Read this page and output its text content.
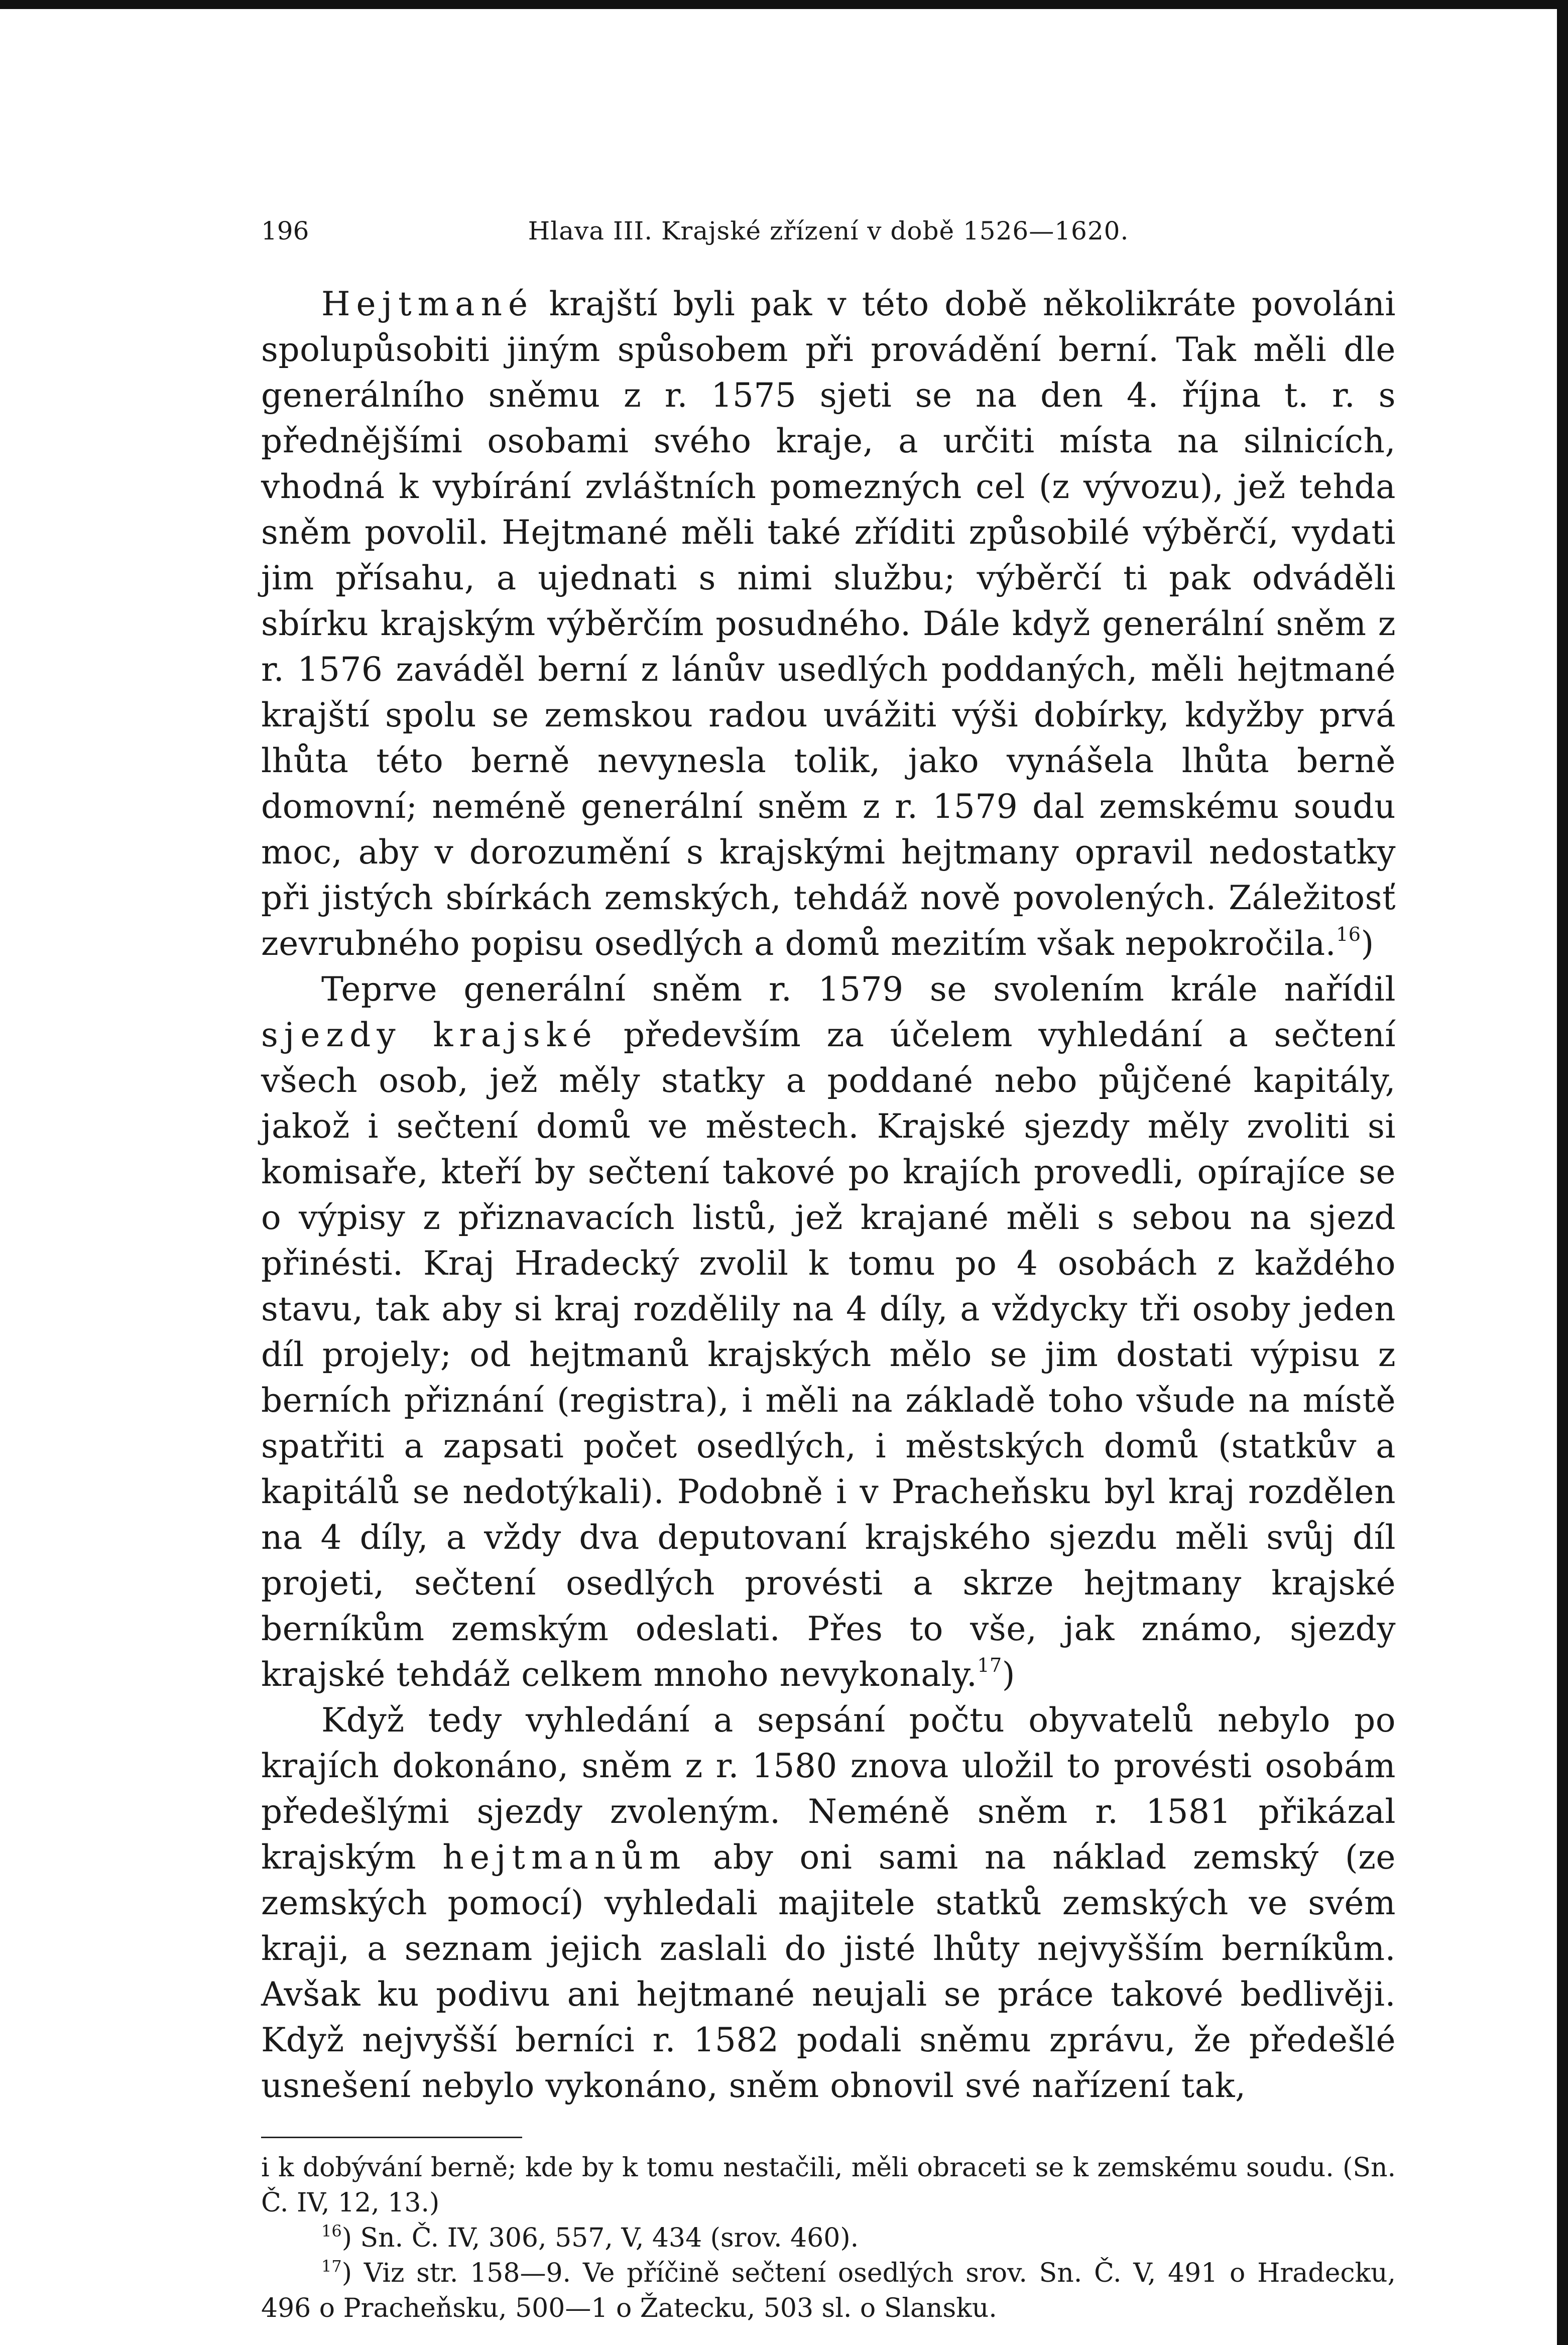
196	Hlava III. Krajské zřízení v době 1526—1620.

Hejtmané krajští byli pak v této době několikráte povoláni spolupůsobiti jiným spůsobem při provádění berní. Tak měli dle generálního sněmu z r. 1575 sjeti se na den 4. října t. r. s přednějšími osobami svého kraje, a určiti místa na silnicích, vhodná k vybírání zvláštních pomezných cel (z vývozu), jež tehda sněm povolil. Hejtmané měli také zříditi způsobilé výběrčí, vydati jim přísahu, a ujednati s nimi službu; výběrčí ti pak odváděli sbírku krajským výběrčím posudného. Dále když generální sněm z r. 1576 zaváděl berní z lánův usedlých poddaných, měli hejtmané krajští spolu se zemskou radou uvážiti výši dobírky, kdyžby prvá lhůta této berně nevynesla tolik, jako vynášela lhůta berně domovní; neméně generální sněm z r. 1579 dal zemskému soudu moc, aby v dorozumění s krajskými hejtmany opravil nedostatky při jistých sbírkách zemských, tehdáž nově povolených. Záležitosť zevrubného popisu osedlých a domů mezitím však nepokročila.$^{16}$)

Teprve generální sněm r. 1579 se svolením krále nařídil sjezdy krajské především za účelem vyhledání a sečtení všech osob, jež měly statky a poddané nebo půjčené kapitály, jakož i sečtení domů ve městech. Krajské sjezdy měly zvoliti si komisaře, kteří by sečtení takové po krajích provedli, opírajíce se o výpisy z přiznavacích listů, jež krajané měli s sebou na sjezd přinésti. Kraj Hradecký zvolil k tomu po 4 osobách z každého stavu, tak aby si kraj rozdělily na 4 díly, a vždycky tři osoby jeden díl projely; od hejtmanů krajských mělo se jim dostati výpisu z berních přiznání (registra), i měli na základě toho všude na místě spatřiti a zapsati počet osedlých, i městských domů (statkův a kapitálů se nedotýkali). Podobně i v Pracheňsku byl kraj rozdělen na 4 díly, a vždy dva deputovaní krajského sjezdu měli svůj díl projeti, sečtení osedlých provésti a skrze hejtmany krajské berníkům zemským odeslati. Přes to vše, jak známo, sjezdy krajské tehdáž celkem mnoho nevykonaly.$^{17}$)

Když tedy vyhledání a sepsání počtu obyvatelů nebylo po krajích dokonáno, sněm z r. 1580 znova uložil to provésti osobám předešlými sjezdy zvoleným. Neméně sněm r. 1581 přikázal krajským hejtmanům aby oni sami na náklad zemský (ze zemských pomocí) vyhledali majitele statků zemských ve svém kraji, a seznam jejich zaslali do jisté lhůty nejvyšším berníkům. Avšak ku podivu ani hejtmané neujali se práce takové bedlivěji. Když nejvyšší berníci r. 1582 podali sněmu zprávu, že předešlé usnešení nebylo vykonáno, sněm obnovil své nařízení tak,

i k dobývání berně; kde by k tomu nestačili, měli obraceti se k zemskému soudu. (Sn. Č. IV, 12, 13.)

$^{16}$) Sn. Č. IV, 306, 557, V, 434 (srov. 460).

$^{17}$) Viz str. 158—9. Ve příčině sečtení osedlých srov. Sn. Č. V, 491 o Hradecku, 496 o Pracheňsku, 500—1 o Žatecku, 503 sl. o Slansku.
